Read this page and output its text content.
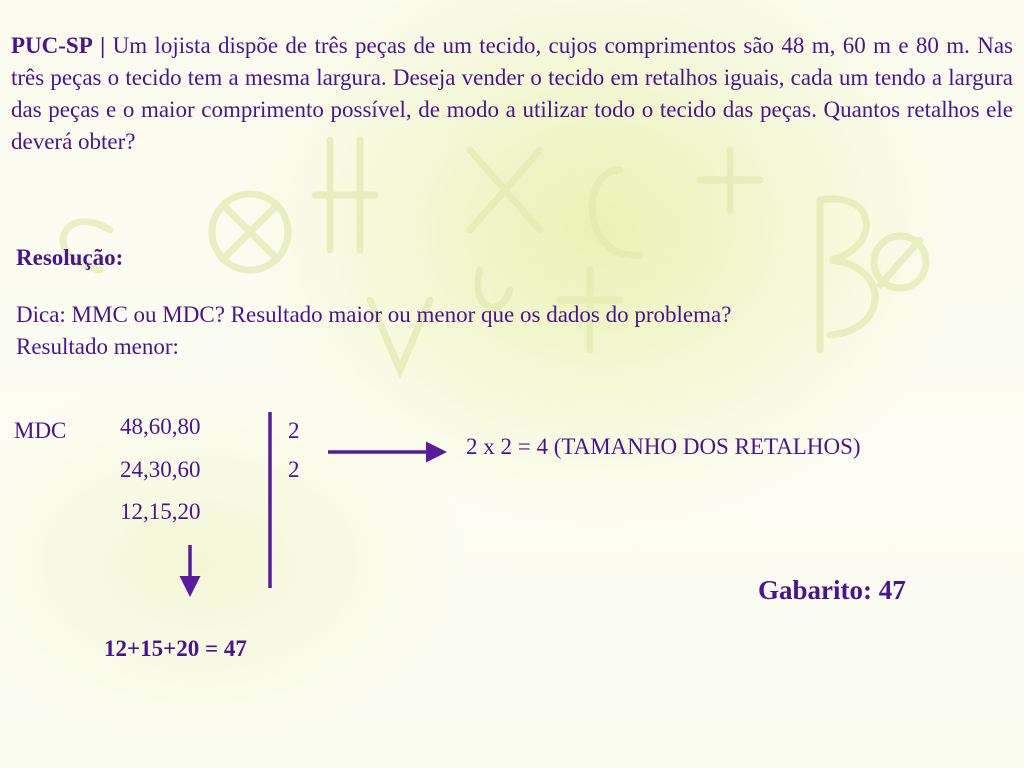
PUC-SP | Um lojista dispõe de três peças de um tecido, cujos comprimentos são 48 m, 60 m e 80 m. Nas três peças o tecido tem a mesma largura. Deseja vender o tecido em retalhos iguais, cada um tendo a largura das peças e o maior comprimento possível, de modo a utilizar todo o tecido das peças. Quantos retalhos ele deverá obter?

Resolução:

Dica: MMC ou MDC? Resultado maior ou menor que os dados do problema?
Resultado menor:
MDC 48,60,80
24,30,60
12,15,20
2
2
2 x 2 = 4 (TAMANHO DOS RETALHOS)
Gabarito: 47
12+15+20 = 47
